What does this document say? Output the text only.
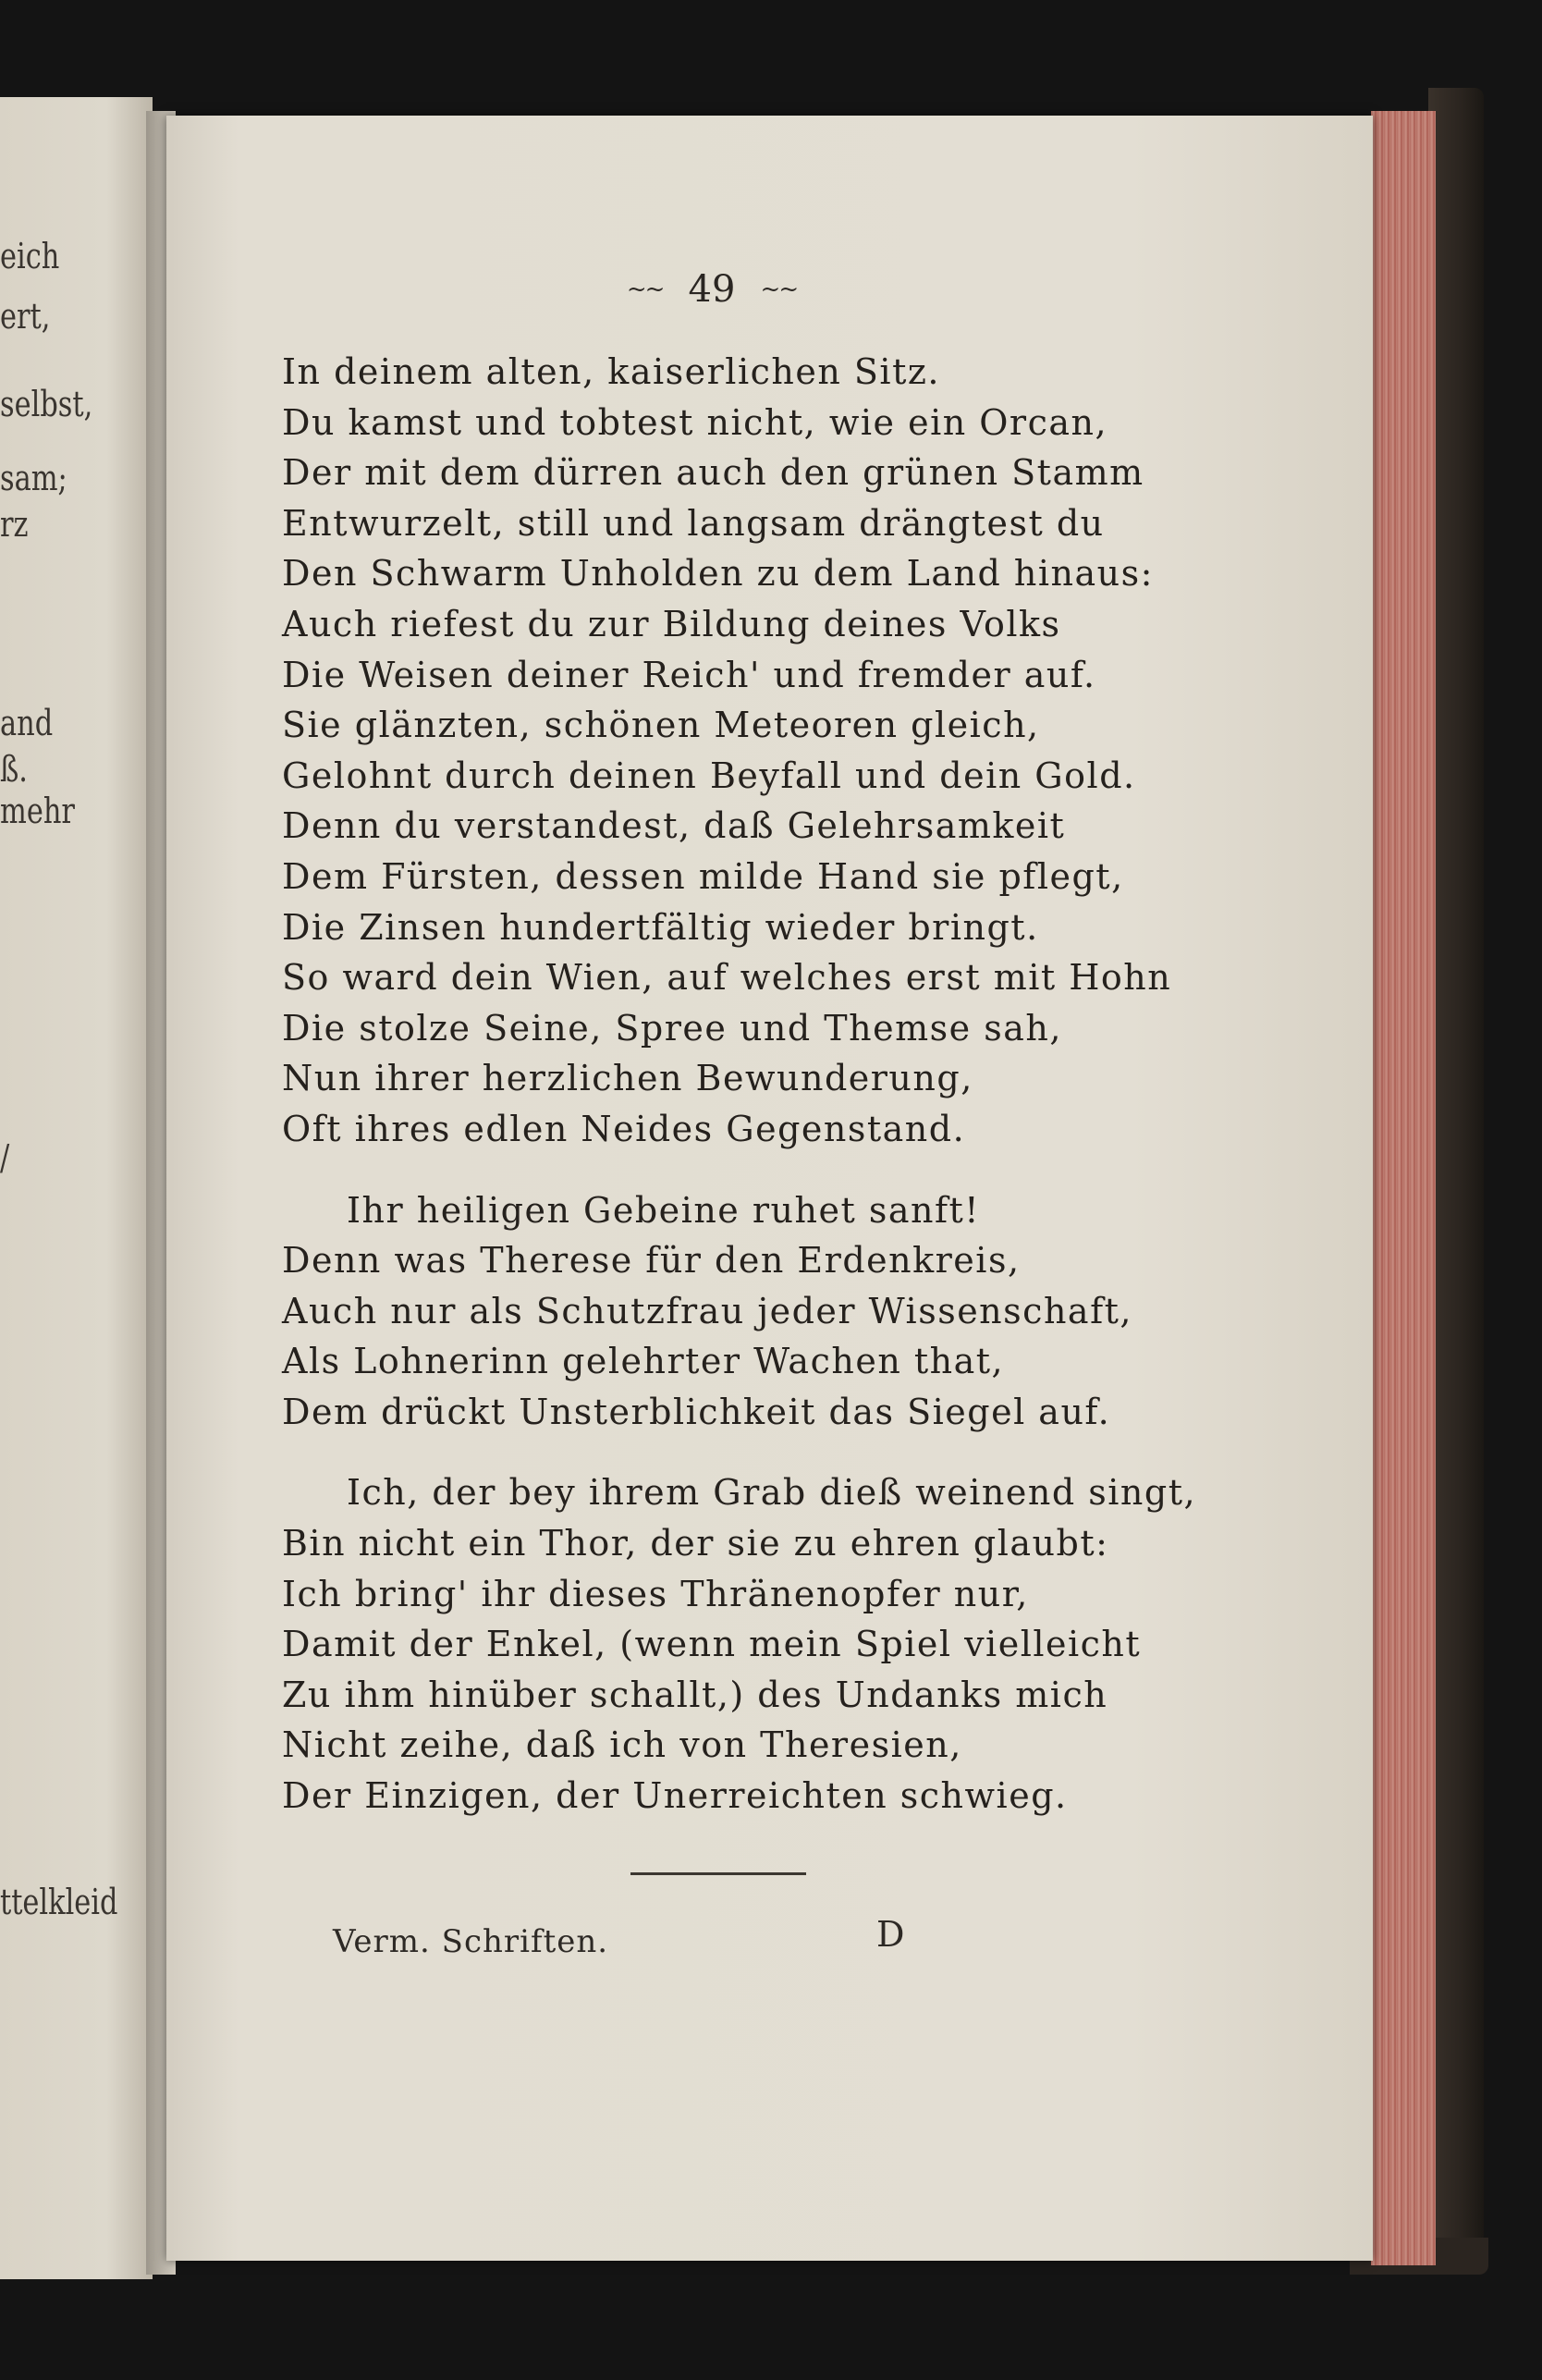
eich
ert,
selbst,
sam;
rz
and
ß.
mehr
/
ttelkleid
~~ 49 ~~
In deinem alten, kaiserlichen Sitz.
Du kamst und tobtest nicht, wie ein Orcan,
Der mit dem dürren auch den grünen Stamm
Entwurzelt, still und langsam drängtest du
Den Schwarm Unholden zu dem Land hinaus:
Auch riefest du zur Bildung deines Volks
Die Weisen deiner Reich' und fremder auf.
Sie glänzten, schönen Meteoren gleich,
Gelohnt durch deinen Beyfall und dein Gold.
Denn du verstandest, daß Gelehrsamkeit
Dem Fürsten, dessen milde Hand sie pflegt,
Die Zinsen hundertfältig wieder bringt.
So ward dein Wien, auf welches erst mit Hohn
Die stolze Seine, Spree und Themse sah,
Nun ihrer herzlichen Bewunderung,
Oft ihres edlen Neides Gegenstand.
Ihr heiligen Gebeine ruhet sanft!
Denn was Therese für den Erdenkreis,
Auch nur als Schutzfrau jeder Wissenschaft,
Als Lohnerinn gelehrter Wachen that,
Dem drückt Unsterblichkeit das Siegel auf.
Ich, der bey ihrem Grab dieß weinend singt,
Bin nicht ein Thor, der sie zu ehren glaubt:
Ich bring' ihr dieses Thränenopfer nur,
Damit der Enkel, (wenn mein Spiel vielleicht
Zu ihm hinüber schallt,) des Undanks mich
Nicht zeihe, daß ich von Theresien,
Der Einzigen, der Unerreichten schwieg.
Verm. Schriften.	D
